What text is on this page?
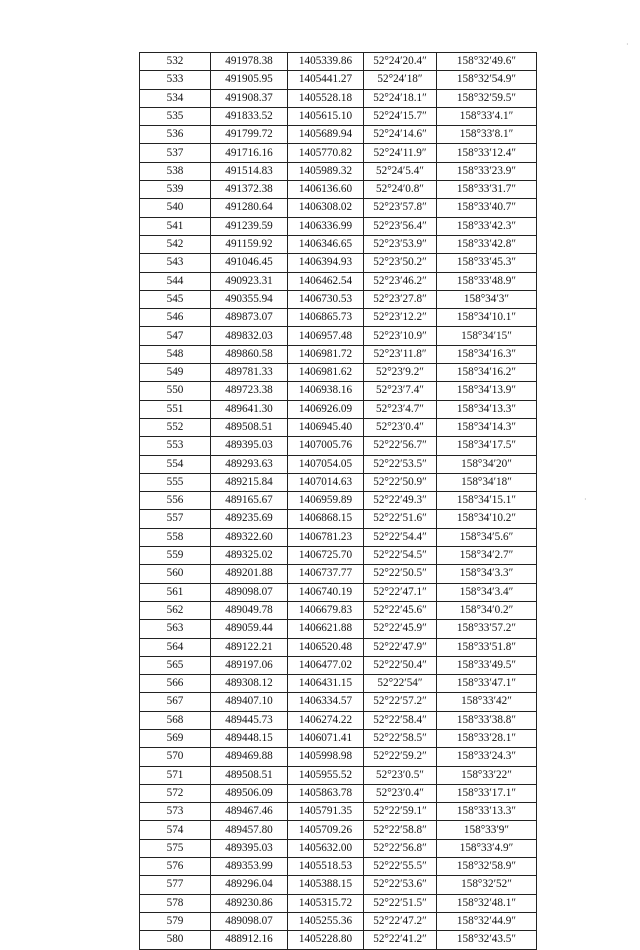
·
·
532	491978.38	1405339.86	52°24′20.4″	158°32′49.6″
533	491905.95	1405441.27	52°24′18″	158°32′54.9″
534	491908.37	1405528.18	52°24′18.1″	158°32′59.5″
535	491833.52	1405615.10	52°24′15.7″	158°33′4.1″
536	491799.72	1405689.94	52°24′14.6″	158°33′8.1″
537	491716.16	1405770.82	52°24′11.9″	158°33′12.4″
538	491514.83	1405989.32	52°24′5.4″	158°33′23.9″
539	491372.38	1406136.60	52°24′0.8″	158°33′31.7″
540	491280.64	1406308.02	52°23′57.8″	158°33′40.7″
541	491239.59	1406336.99	52°23′56.4″	158°33′42.3″
542	491159.92	1406346.65	52°23′53.9″	158°33′42.8″
543	491046.45	1406394.93	52°23′50.2″	158°33′45.3″
544	490923.31	1406462.54	52°23′46.2″	158°33′48.9″
545	490355.94	1406730.53	52°23′27.8″	158°34′3″
546	489873.07	1406865.73	52°23′12.2″	158°34′10.1″
547	489832.03	1406957.48	52°23′10.9″	158°34′15″
548	489860.58	1406981.72	52°23′11.8″	158°34′16.3″
549	489781.33	1406981.62	52°23′9.2″	158°34′16.2″
550	489723.38	1406938.16	52°23′7.4″	158°34′13.9″
551	489641.30	1406926.09	52°23′4.7″	158°34′13.3″
552	489508.51	1406945.40	52°23′0.4″	158°34′14.3″
553	489395.03	1407005.76	52°22′56.7″	158°34′17.5″
554	489293.63	1407054.05	52°22′53.5″	158°34′20″
555	489215.84	1407014.63	52°22′50.9″	158°34′18″
556	489165.67	1406959.89	52°22′49.3″	158°34′15.1″
557	489235.69	1406868.15	52°22′51.6″	158°34′10.2″
558	489322.60	1406781.23	52°22′54.4″	158°34′5.6″
559	489325.02	1406725.70	52°22′54.5″	158°34′2.7″
560	489201.88	1406737.77	52°22′50.5″	158°34′3.3″
561	489098.07	1406740.19	52°22′47.1″	158°34′3.4″
562	489049.78	1406679.83	52°22′45.6″	158°34′0.2″
563	489059.44	1406621.88	52°22′45.9″	158°33′57.2″
564	489122.21	1406520.48	52°22′47.9″	158°33′51.8″
565	489197.06	1406477.02	52°22′50.4″	158°33′49.5″
566	489308.12	1406431.15	52°22′54″	158°33′47.1″
567	489407.10	1406334.57	52°22′57.2″	158°33′42″
568	489445.73	1406274.22	52°22′58.4″	158°33′38.8″
569	489448.15	1406071.41	52°22′58.5″	158°33′28.1″
570	489469.88	1405998.98	52°22′59.2″	158°33′24.3″
571	489508.51	1405955.52	52°23′0.5″	158°33′22″
572	489506.09	1405863.78	52°23′0.4″	158°33′17.1″
573	489467.46	1405791.35	52°22′59.1″	158°33′13.3″
574	489457.80	1405709.26	52°22′58.8″	158°33′9″
575	489395.03	1405632.00	52°22′56.8″	158°33′4.9″
576	489353.99	1405518.53	52°22′55.5″	158°32′58.9″
577	489296.04	1405388.15	52°22′53.6″	158°32′52″
578	489230.86	1405315.72	52°22′51.5″	158°32′48.1″
579	489098.07	1405255.36	52°22′47.2″	158°32′44.9″
580	488912.16	1405228.80	52°22′41.2″	158°32′43.5″
